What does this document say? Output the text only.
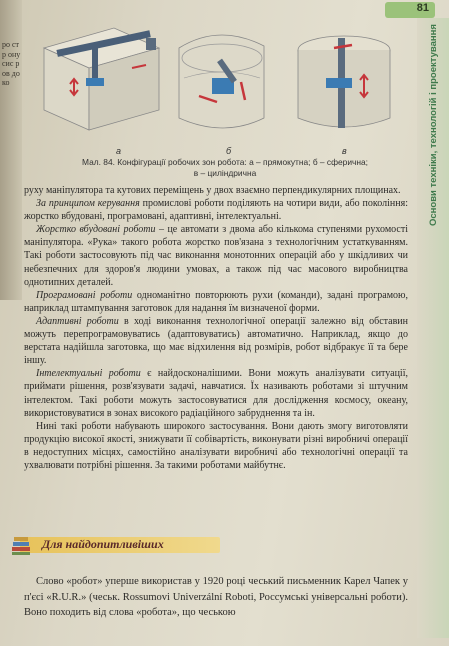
ро стр ону сис ров до ко
81
Основи техніки, технологій і проектування
а	б	в
Мал. 84. Конфігурації робочих зон робота: а – прямокутна; б – сферична;
в – циліндрична

руху маніпулятора та кутових переміщень у двох взаємно перпендикулярних площинах.

За принципом керування промислові роботи поділяють на чотири види, або покоління: жорстко вбудовані, програмовані, адаптивні, інтелектуальні.

Жорстко вбудовані роботи – це автомати з двома або кількома ступенями рухомості маніпулятора. «Рука» такого робота жорстко пов'язана з технологічним устаткуванням. Такі роботи застосовують під час виконання монотонних операцій або у шкідливих чи небезпечних для здоров'я людини умовах, а також під час масового виробництва однотипних деталей.

Програмовані роботи одноманітно повторюють рухи (команди), задані програмою, наприклад штампування заготовок для надання їм визначеної форми.

Адаптивні роботи в ході виконання технологічної операції залежно від обставин можуть перепрограмовуватись (адаптовуватись) автоматично. Наприклад, якщо до верстата надійшла заготовка, що має відхилення від розмірів, робот відбракує її та бере іншу.

Інтелектуальні роботи є найдосконалішими. Вони можуть аналізувати ситуації, приймати рішення, розв'язувати задачі, навчатися. Їх називають роботами зі штучним інтелектом. Такі роботи можуть застосовуватися для дослідження космосу, океану, використовуватися в зонах високого радіаційного забруднення та ін.

Нині такі роботи набувають широкого застосування. Вони дають змогу виготовляти продукцію високої якості, знижувати її собівартість, виконувати різні виробничі операції в недоступних місцях, самостійно аналізувати виробничі або технологічні операції та ухвалювати потрібні рішення. За такими роботами майбутнє.

Для найдопитливіших

Слово «робот» уперше використав у 1920 році чеський письменник Карел Чапек у п'єсі «R.U.R.» (чеськ. Rossumovi Univerzální Roboti, Россумські універсальні роботи). Воно походить від слова «робота», що чеською
